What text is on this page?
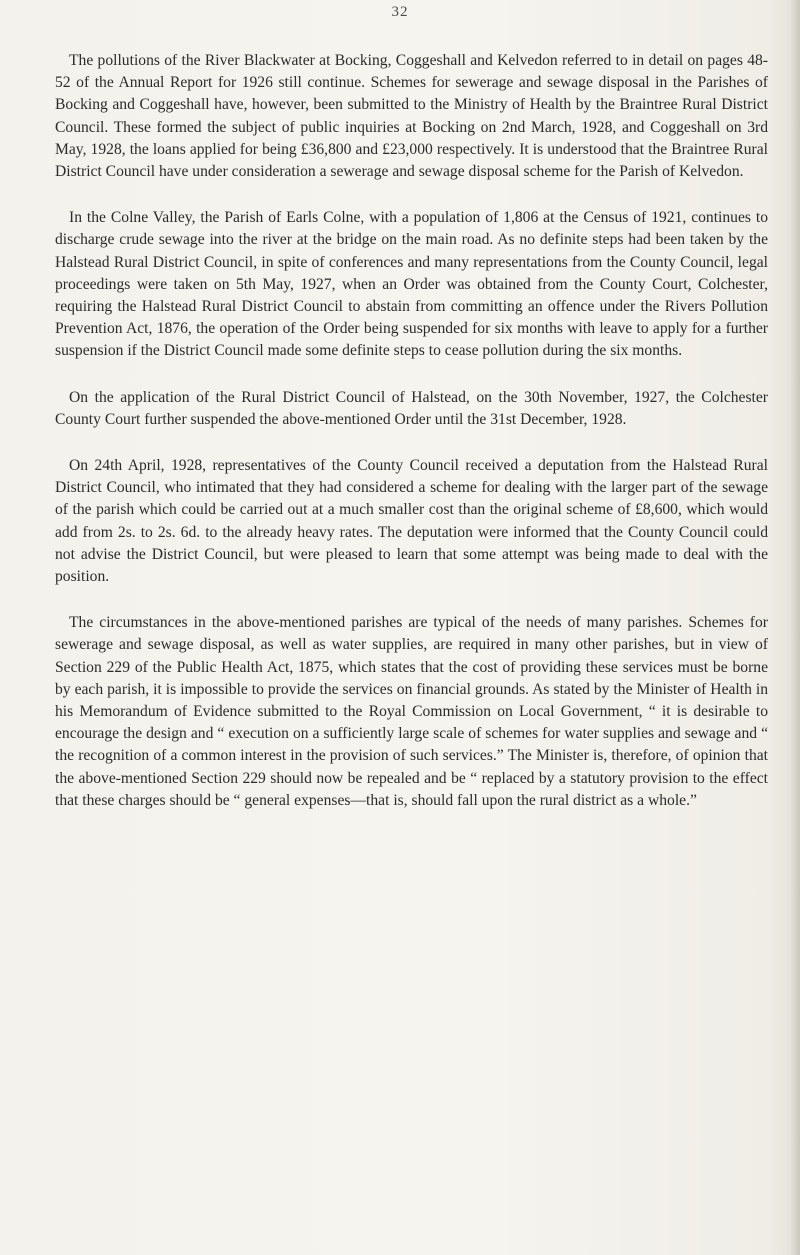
32

The pollutions of the River Blackwater at Bocking, Coggeshall and Kelvedon referred to in detail on pages 48-52 of the Annual Report for 1926 still continue. Schemes for sewerage and sewage disposal in the Parishes of Bocking and Coggeshall have, however, been submitted to the Ministry of Health by the Braintree Rural District Council. These formed the subject of public inquiries at Bocking on 2nd March, 1928, and Coggeshall on 3rd May, 1928, the loans applied for being £36,800 and £23,000 respectively. It is understood that the Braintree Rural District Council have under consideration a sewerage and sewage disposal scheme for the Parish of Kelvedon.

In the Colne Valley, the Parish of Earls Colne, with a population of 1,806 at the Census of 1921, continues to discharge crude sewage into the river at the bridge on the main road. As no definite steps had been taken by the Halstead Rural District Council, in spite of conferences and many representations from the County Council, legal proceedings were taken on 5th May, 1927, when an Order was obtained from the County Court, Colchester, requiring the Halstead Rural District Council to abstain from committing an offence under the Rivers Pollution Prevention Act, 1876, the operation of the Order being suspended for six months with leave to apply for a further suspension if the District Council made some definite steps to cease pollution during the six months.

On the application of the Rural District Council of Halstead, on the 30th November, 1927, the Colchester County Court further suspended the above-mentioned Order until the 31st December, 1928.

On 24th April, 1928, representatives of the County Council received a deputation from the Halstead Rural District Council, who intimated that they had considered a scheme for dealing with the larger part of the sewage of the parish which could be carried out at a much smaller cost than the original scheme of £8,600, which would add from 2s. to 2s. 6d. to the already heavy rates. The deputation were informed that the County Council could not advise the District Council, but were pleased to learn that some attempt was being made to deal with the position.

The circumstances in the above-mentioned parishes are typical of the needs of many parishes. Schemes for sewerage and sewage disposal, as well as water supplies, are required in many other parishes, but in view of Section 229 of the Public Health Act, 1875, which states that the cost of providing these services must be borne by each parish, it is impossible to provide the services on financial grounds. As stated by the Minister of Health in his Memorandum of Evidence submitted to the Royal Commission on Local Government, “ it is desirable to encourage the design and “ execution on a sufficiently large scale of schemes for water supplies and sewage and “ the recognition of a common interest in the provision of such services.” The Minister is, therefore, of opinion that the above-mentioned Section 229 should now be repealed and be “ replaced by a statutory provision to the effect that these charges should be “ general expenses—that is, should fall upon the rural district as a whole.”
